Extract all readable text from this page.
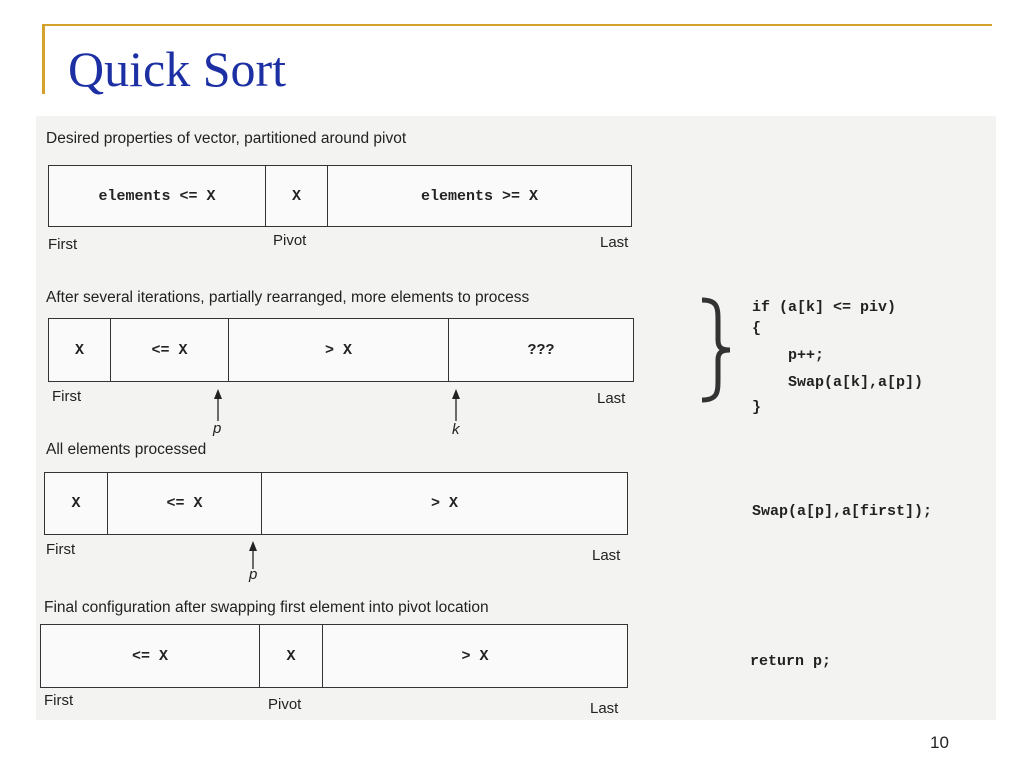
Quick Sort
Desired properties of vector, partitioned around pivot
elements <= X	X	elements >= X
First	Pivot	Last
After several iterations, partially rearranged, more elements to process
X	<= X	> X	???
First	Last
p	k
if (a[k] <= piv)
{
p++;
Swap(a[k],a[p])
}
All elements processed
X	<= X	> X
First	Last
p
Swap(a[p],a[first]);
Final configuration after swapping first element into pivot location
<= X	X	> X
First	Pivot	Last
return p;
10
